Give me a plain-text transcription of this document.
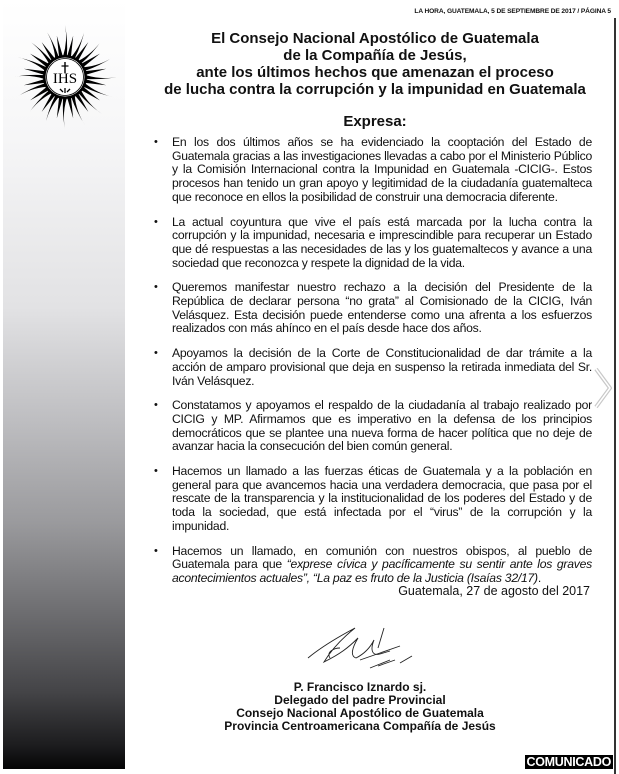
IHS
LA HORA, GUATEMALA, 5 DE SEPTIEMBRE DE 2017 / PÁGINA 5
El Consejo Nacional Apostólico de Guatemala
de la Compañía de Jesús,
ante los últimos hechos que amenazan el proceso
de lucha contra la corrupción y la impunidad en Guatemala
Expresa:
• En los dos últimos años se ha evidenciado la cooptación del Estado de Guatemala gracias a las investigaciones llevadas a cabo por el Ministerio Público y la Comisión Internacional contra la Impunidad en Guatemala -CICIG-. Estos procesos han tenido un gran apoyo y legitimidad de la ciudadanía guatemalteca que reconoce en ellos la posibilidad de construir una democracia diferente.
• La actual coyuntura que vive el país está marcada por la lucha contra la corrupción y la impunidad, necesaria e imprescindible para recuperar un Estado que dé respuestas a las necesidades de las y los guatemaltecos y avance a una sociedad que reconozca y respete la dignidad de la vida.
• Queremos manifestar nuestro rechazo a la decisión del Presidente de la República de declarar persona “no grata” al Comisionado de la CICIG, Iván Velásquez. Esta decisión puede entenderse como una afrenta a los esfuerzos realizados con más ahínco en el país desde hace dos años.
• Apoyamos la decisión de la Corte de Constitucionalidad de dar trámite a la acción de amparo provisional que deja en suspenso la retirada inmediata del Sr. Iván Velásquez.
• Constatamos y apoyamos el respaldo de la ciudadanía al trabajo realizado por CICIG y MP. Afirmamos que es imperativo en la defensa de los principios democráticos que se plantee una nueva forma de hacer política que no deje de avanzar hacia la consecución del bien común general.
• Hacemos un llamado a las fuerzas éticas de Guatemala y a la población en general para que avancemos hacia una verdadera democracia, que pasa por el rescate de la transparencia y la institucionalidad de los poderes del Estado y de toda la sociedad, que está infectada por el “virus” de la corrupción y la impunidad.
• Hacemos un llamado, en comunión con nuestros obispos, al pueblo de Guatemala para que “exprese cívica y pacíficamente su sentir ante los graves acontecimientos actuales”, “La paz es fruto de la Justicia (Isaías 32/17).
Guatemala, 27 de agosto del 2017
P. Francisco Iznardo sj.
Delegado del padre Provincial
Consejo Nacional Apostólico de Guatemala
Provincia Centroamericana Compañía de Jesús
COMUNICADO
